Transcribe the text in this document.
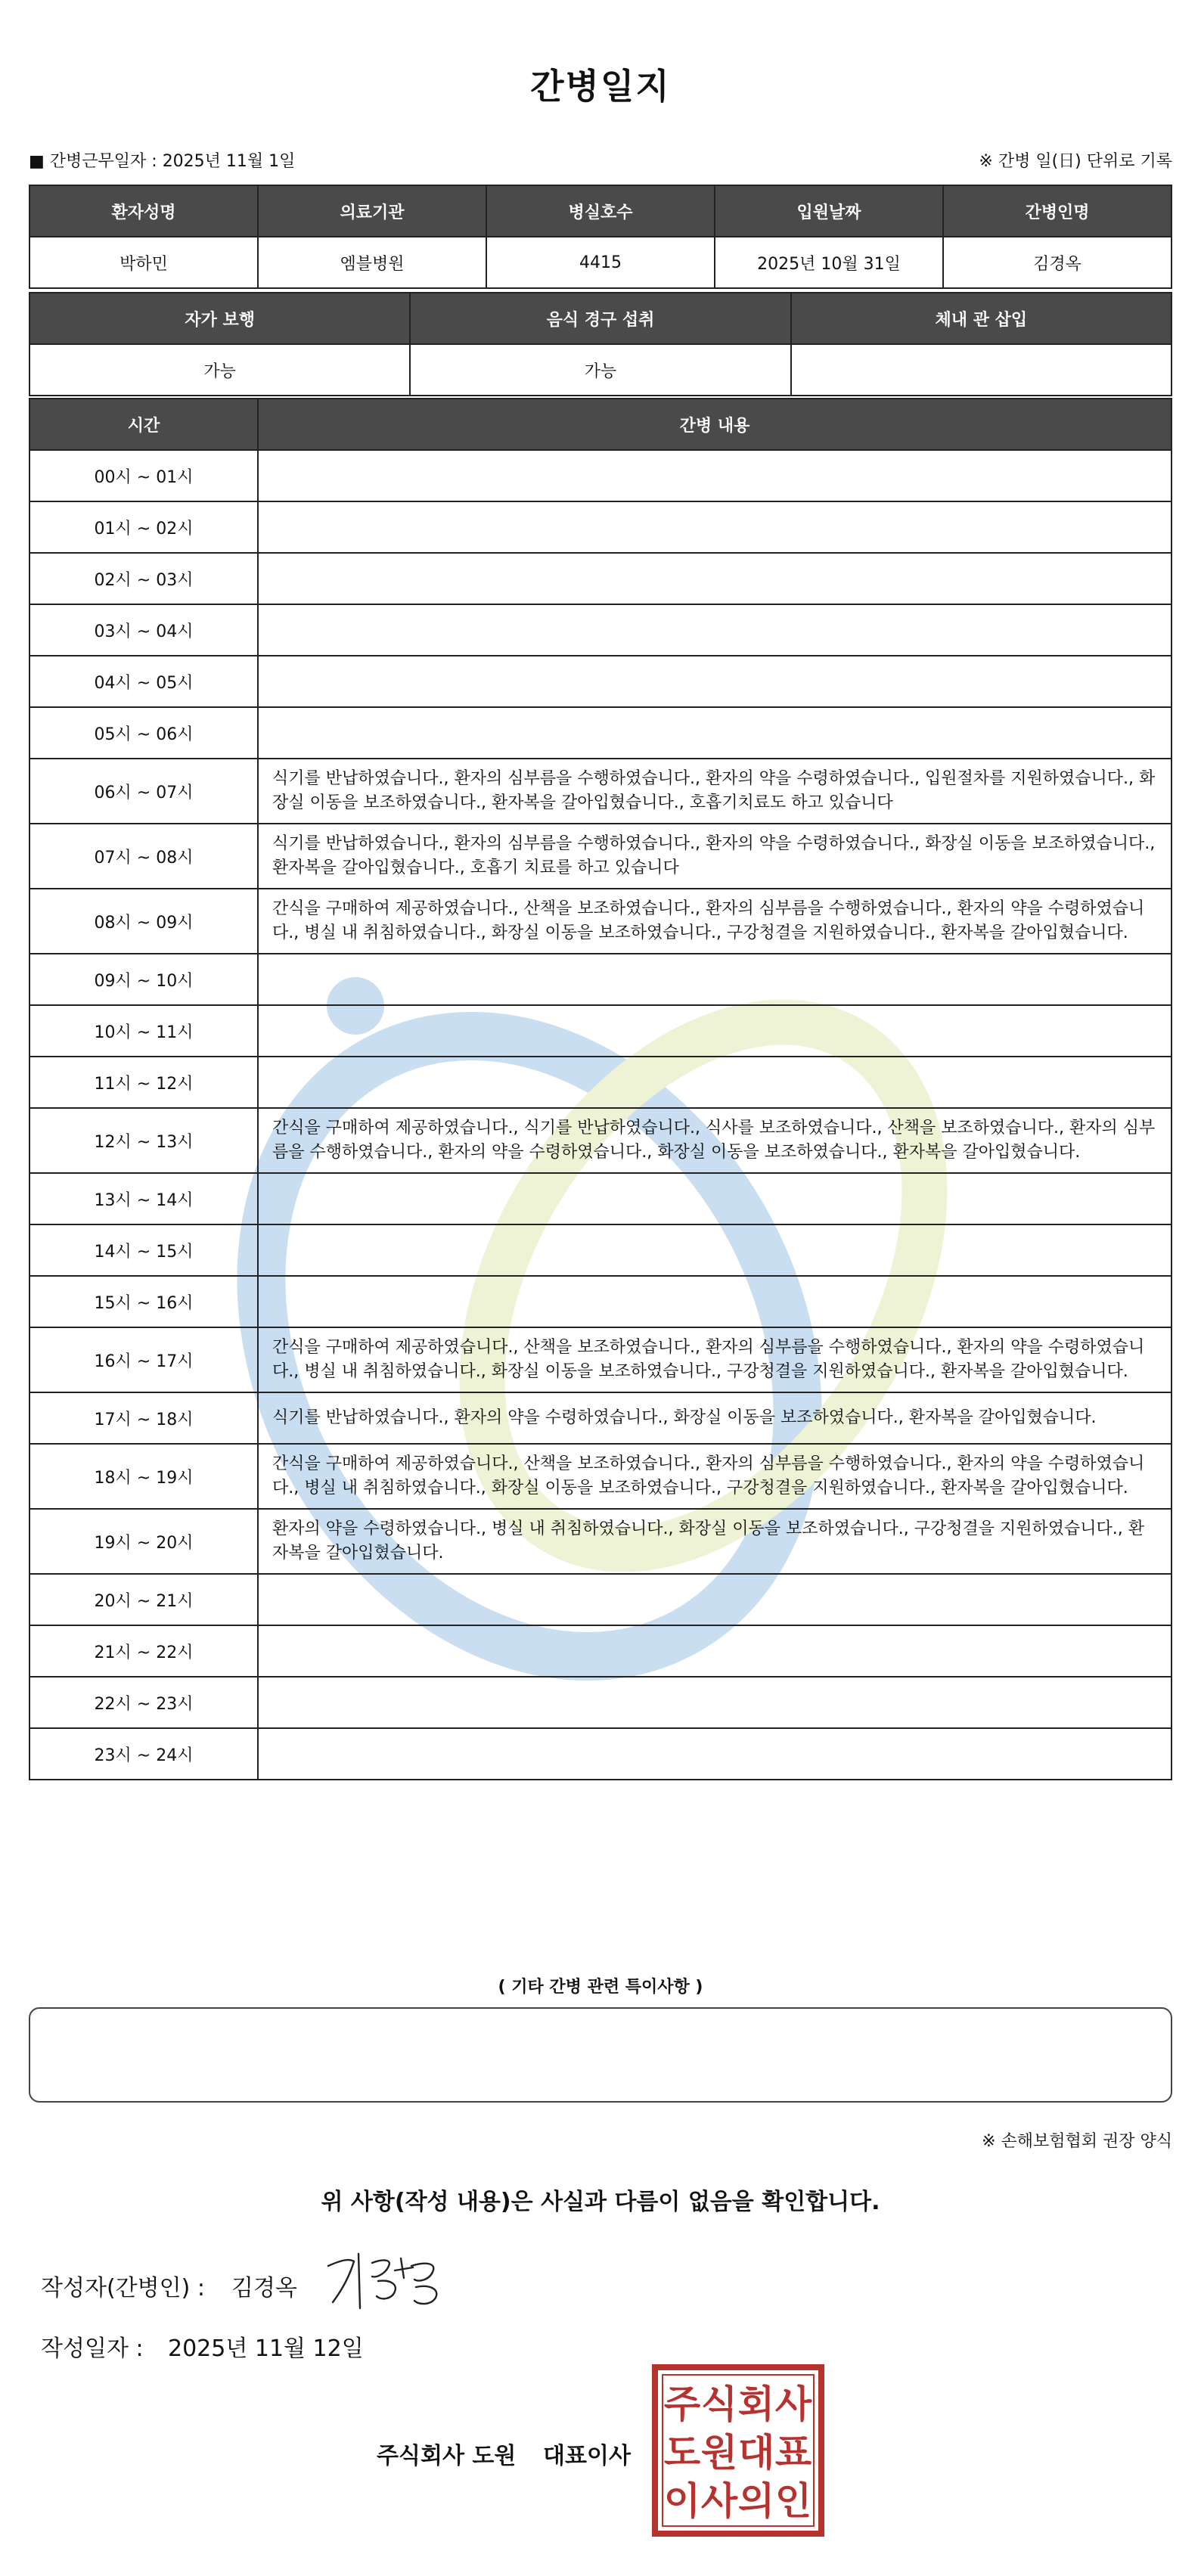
간병일지
■ 간병근무일자 : 2025년 11월 1일	※ 간병 일(日) 단위로 기록
환자성명	의료기관	병실호수	입원날짜	간병인명
박하민	엠블병원	4415	2025년 10월 31일	김경옥
자가 보행	음식 경구 섭취	체내 관 삽입
가능	가능	
시간	간병 내용
00시 ~ 01시	
01시 ~ 02시	
02시 ~ 03시	
03시 ~ 04시	
04시 ~ 05시	
05시 ~ 06시	
06시 ~ 07시	식기를 반납하였습니다., 환자의 심부름을 수행하였습니다., 환자의 약을 수령하였습니다., 입원절차를 지원하였습니다., 화장실 이동을 보조하였습니다., 환자복을 갈아입혔습니다., 호흡기치료도 하고 있습니다
07시 ~ 08시	식기를 반납하였습니다., 환자의 심부름을 수행하였습니다., 환자의 약을 수령하였습니다., 화장실 이동을 보조하였습니다., 환자복을 갈아입혔습니다., 호흡기 치료를 하고 있습니다
08시 ~ 09시	간식을 구매하여 제공하였습니다., 산책을 보조하였습니다., 환자의 심부름을 수행하였습니다., 환자의 약을 수령하였습니다., 병실 내 취침하였습니다., 화장실 이동을 보조하였습니다., 구강청결을 지원하였습니다., 환자복을 갈아입혔습니다.
09시 ~ 10시	
10시 ~ 11시	
11시 ~ 12시	
12시 ~ 13시	간식을 구매하여 제공하였습니다., 식기를 반납하였습니다., 식사를 보조하였습니다., 산책을 보조하였습니다., 환자의 심부름을 수행하였습니다., 환자의 약을 수령하였습니다., 화장실 이동을 보조하였습니다., 환자복을 갈아입혔습니다.
13시 ~ 14시	
14시 ~ 15시	
15시 ~ 16시	
16시 ~ 17시	간식을 구매하여 제공하였습니다., 산책을 보조하였습니다., 환자의 심부름을 수행하였습니다., 환자의 약을 수령하였습니다., 병실 내 취침하였습니다., 화장실 이동을 보조하였습니다., 구강청결을 지원하였습니다., 환자복을 갈아입혔습니다.
17시 ~ 18시	식기를 반납하였습니다., 환자의 약을 수령하였습니다., 화장실 이동을 보조하였습니다., 환자복을 갈아입혔습니다.
18시 ~ 19시	간식을 구매하여 제공하였습니다., 산책을 보조하였습니다., 환자의 심부름을 수행하였습니다., 환자의 약을 수령하였습니다., 병실 내 취침하였습니다., 화장실 이동을 보조하였습니다., 구강청결을 지원하였습니다., 환자복을 갈아입혔습니다.
19시 ~ 20시	환자의 약을 수령하였습니다., 병실 내 취침하였습니다., 화장실 이동을 보조하였습니다., 구강청결을 지원하였습니다., 환자복을 갈아입혔습니다.
20시 ~ 21시	
21시 ~ 22시	
22시 ~ 23시	
23시 ~ 24시	
( 기타 간병 관련 특이사항 )
※ 손해보험협회 권장 양식
위 사항(작성 내용)은 사실과 다름이 없음을 확인합니다.
작성자(간병인) : 김경옥
작성일자 : 2025년 11월 12일
주식회사 도원 대표이사
주 식 회 사
도 원 대 표
이 사 의 인
